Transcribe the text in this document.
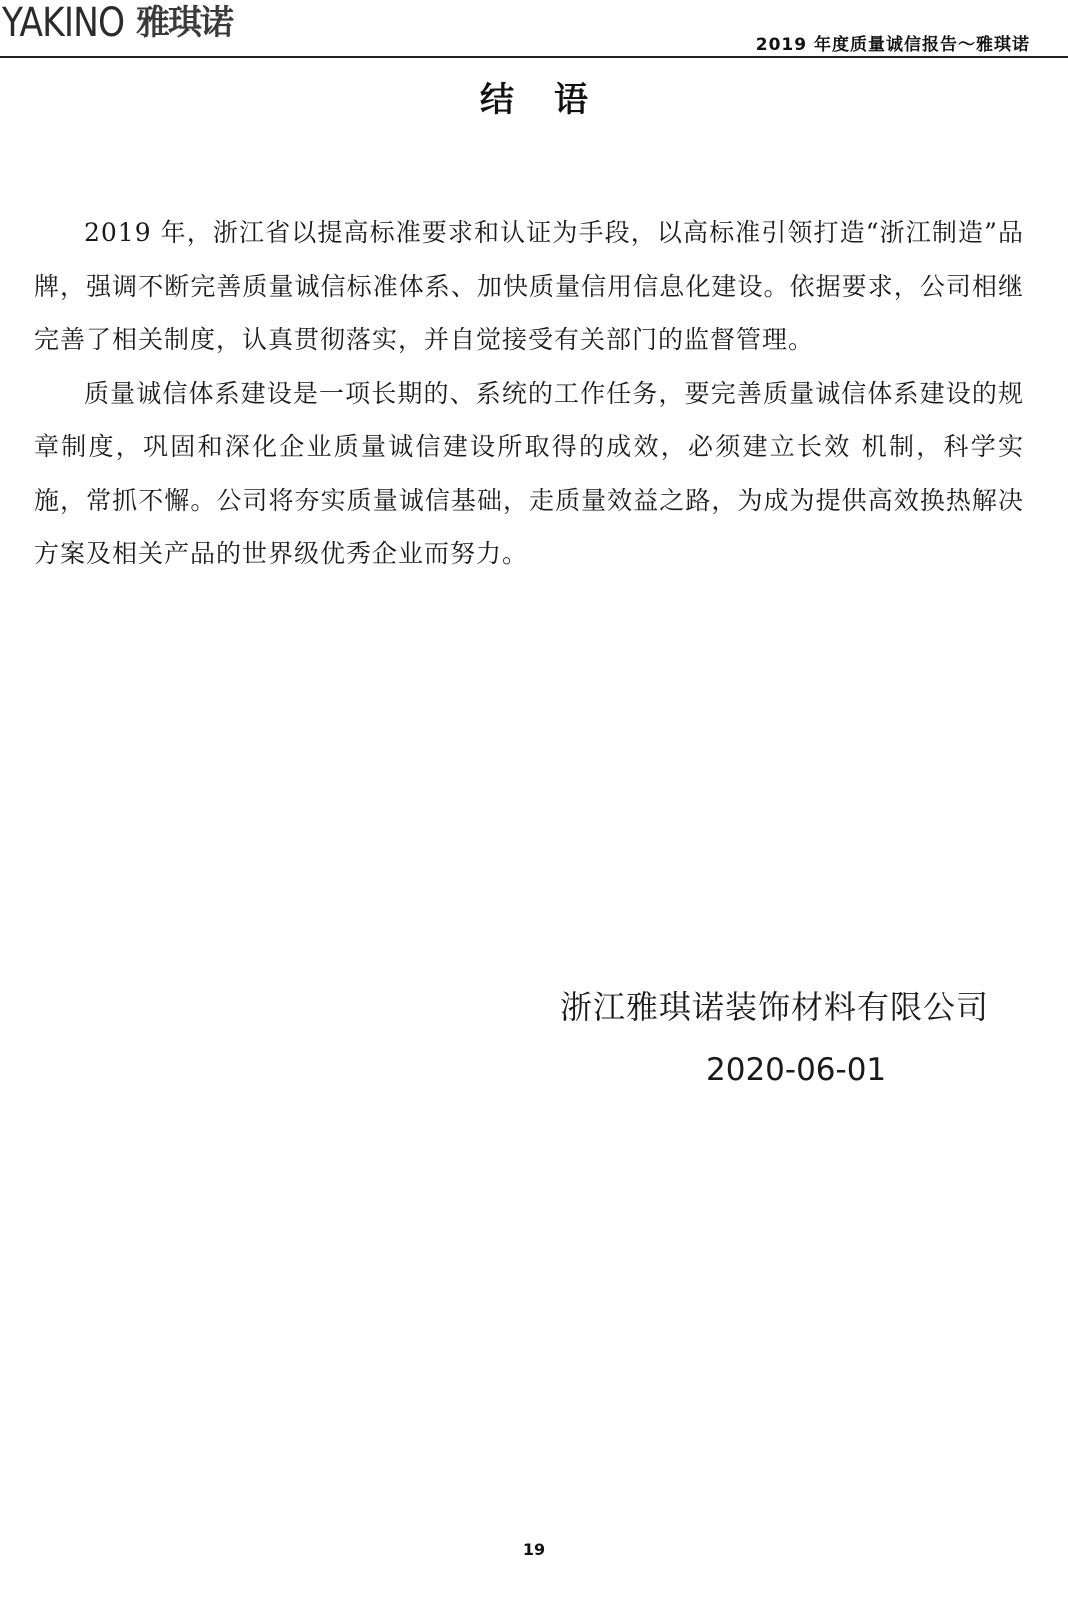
YAKINO 雅琪诺
2019 年度质量诚信报告～雅琪诺
结语

2019 年，浙江省以提高标准要求和认证为手段，以高标准引领打造“浙江制造”品牌，强调不断完善质量诚信标准体系、加快质量信用信息化建设。依据要求，公司相继完善了相关制度，认真贯彻落实，并自觉接受有关部门的监督管理。

质量诚信体系建设是一项长期的、系统的工作任务，要完善质量诚信体系建设的规章制度，巩固和深化企业质量诚信建设所取得的成效，必须建立长效 机制，科学实施，常抓不懈。公司将夯实质量诚信基础，走质量效益之路，为成为提供高效换热解决方案及相关产品的世界级优秀企业而努力。

浙江雅琪诺装饰材料有限公司
2020-06-01
19
